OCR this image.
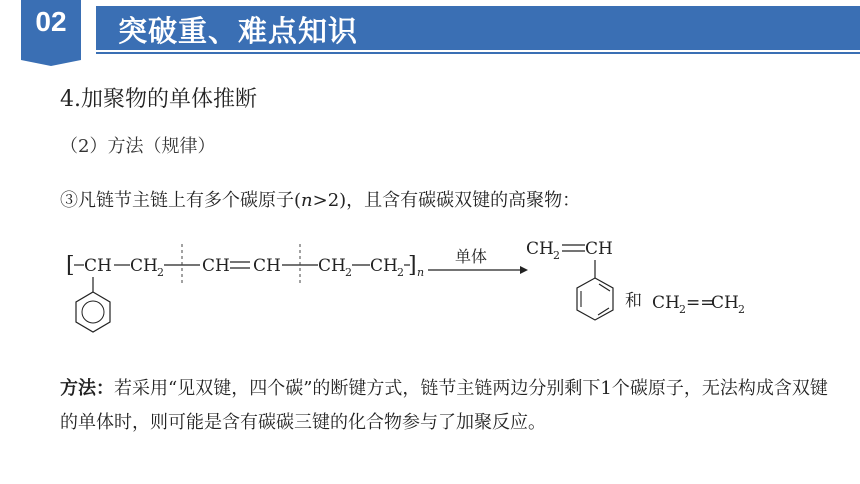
02	突破重、难点知识
4.加聚物的单体推断
（2）方法（规律）
③凡链节主链上有多个碳原子(n>2)，且含有碳碳双键的高聚物：
[ CH CH 2 CH CH CH 2 CH 2 ] n
单体 CH 2 CH
和 CH 2 ==
CH 2
方法：若采用“见双键，四个碳”的断键方式，链节主链两边分别剩下1个碳原子，无法构成含双键的单体时，则可能是含有碳碳三键的化合物参与了加聚反应。
